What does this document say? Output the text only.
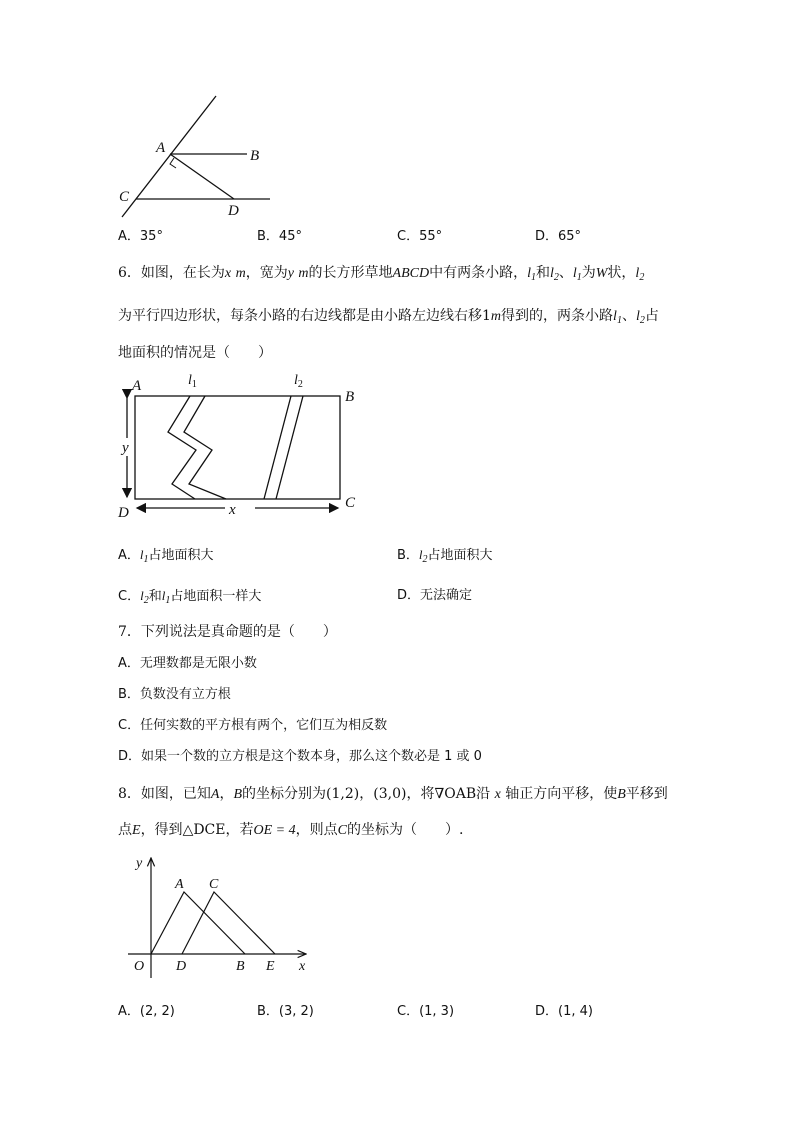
A	B
C
D
A．35°	B．45°	C．55°	D．65°
6．如图，在长为x m，宽为y m的长方形草地ABCD中有两条小路，$l_1$和$l_2$、$l_1$为W状，$l_2$
为平行四边形状，每条小路的右边线都是由小路左边线右移1m得到的，两条小路$l_1$、$l_2$占
地面积的情况是（　　）
y
x
A
B
C
D
$l_1$	$l_2$
A．$l_1$占地面积大	B．$l_2$占地面积大
C．$l_2$和$l_1$占地面积一样大	D．无法确定
7．下列说法是真命题的是（　　）
A．无理数都是无限小数
B．负数没有立方根
C．任何实数的平方根有两个，它们互为相反数
D．如果一个数的立方根是这个数本身，那么这个数必是 1 或 0
8．如图，已知A，B的坐标分别为(1,2)，(3,0)，将∇OAB沿 x 轴正方向平移，使B平移到
点E，得到△DCE，若OE = 4，则点C的坐标为（　　）.
y
A C
O D	B E x
A．(2, 2)	B．(3, 2)	C．(1, 3)	D．(1, 4)
